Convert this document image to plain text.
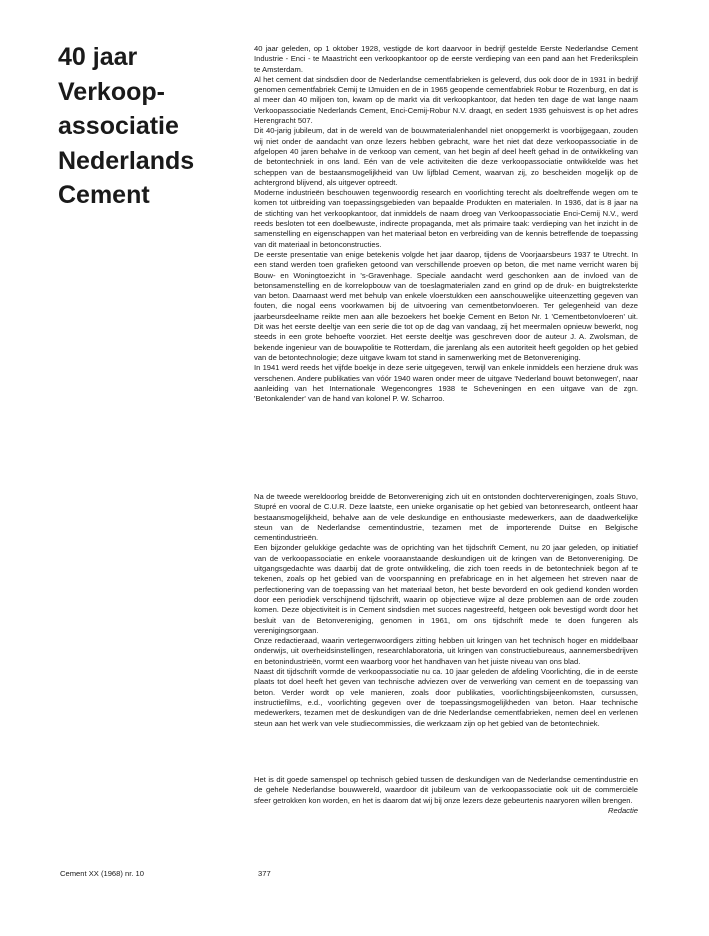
40 jaar
Verkoop-
associatie
Nederlands
Cement

40 jaar geleden, op 1 oktober 1928, vestigde de kort daarvoor in bedrijf gestelde Eerste Nederlandse Cement Industrie - Enci - te Maastricht een verkoopkantoor op de eerste verdieping van een pand aan het Frederiksplein te Amsterdam.

Al het cement dat sindsdien door de Nederlandse cementfabrieken is geleverd, dus ook door de in 1931 in bedrijf genomen cementfabriek Cemij te IJmuiden en de in 1965 geopende cementfabriek Robur te Rozenburg, en dat is al meer dan 40 miljoen ton, kwam op de markt via dit verkoopkantoor, dat heden ten dage de wat lange naam Verkoopassociatie Nederlands Cement, Enci-Cemij-Robur N.V. draagt, en sedert 1935 gehuisvest is op het adres Herengracht 507.

Dit 40-jarig jubileum, dat in de wereld van de bouwmaterialenhandel niet onopgemerkt is voorbijgegaan, zouden wij niet onder de aandacht van onze lezers hebben gebracht, ware het niet dat deze verkoopassociatie in de afgelopen 40 jaren behalve in de verkoop van cement, van het begin af deel heeft gehad in de ontwikkeling van de betontechniek in ons land. Eén van de vele activiteiten die deze verkoopassociatie ontwikkelde was het scheppen van de bestaansmogelijkheid van Uw lijfblad Cement, waarvan zij, zo bescheiden mogelijk op de achtergrond blijvend, als uitgever optreedt.

Moderne industrieën beschouwen tegenwoordig research en voorlichting terecht als doeltreffende wegen om te komen tot uitbreiding van toepassingsgebieden van bepaalde Produkten en materialen. In 1936, dat is 8 jaar na de stichting van het verkoopkantoor, dat inmiddels de naam droeg van Verkoopassociatie Enci-Cemij N.V., werd reeds besloten tot een doelbewuste, indirecte propaganda, met als primaire taak: verdieping van het inzicht in de samenstelling en eigenschappen van het materiaal beton en verbreiding van de kennis betreffende de toepassing van dit materiaal in betonconstructies.

De eerste presentatie van enige betekenis volgde het jaar daarop, tijdens de Voorjaarsbeurs 1937 te Utrecht. In een stand werden toen grafieken getoond van verschillende proeven op beton, die met name verricht waren bij Bouw- en Woningtoezicht in 's-Gravenhage. Speciale aandacht werd geschonken aan de invloed van de betonsamenstelling en de korrelopbouw van de toeslagmaterialen zand en grind op de druk- en buigtreksterkte van beton. Daarnaast werd met behulp van enkele vloerstukken een aanschouwelijke uiteenzetting gegeven van fouten, die nogal eens voorkwamen bij de uitvoering van cementbetonvloeren. Ter gelegenheid van deze jaarbeursdeelname reikte men aan alle bezoekers het boekje Cement en Beton Nr. 1 'Cementbetonvloeren' uit. Dit was het eerste deeltje van een serie die tot op de dag van vandaag, zij het meermalen opnieuw bewerkt, nog steeds in een grote behoefte voorziet. Het eerste deeltje was geschreven door de auteur J. A. Zwolsman, de bekende ingenieur van de bouwpolitie te Rotterdam, die jarenlang als een autoriteit heeft gegolden op het gebied van de betontechnologie; deze uitgave kwam tot stand in samenwerking met de Betonvereniging.

In 1941 werd reeds het vijfde boekje in deze serie uitgegeven, terwijl van enkele inmiddels een herziene druk was verschenen. Andere publikaties van vóór 1940 waren onder meer de uitgave 'Nederland bouwt betonwegen', naar aanleiding van het Internationale Wegencongres 1938 te Scheveningen en een uitgave van de zgn. 'Betonkalender' van de hand van kolonel P. W. Scharroo.

Na de tweede wereldoorlog breidde de Betonvereniging zich uit en ontstonden dochterverenigingen, zoals Stuvo, Stupré en vooral de C.U.R. Deze laatste, een unieke organisatie op het gebied van betonresearch, ontleent haar bestaansmogelijkheid, behalve aan de vele deskundige en enthousiaste medewerkers, aan de daadwerkelijke steun van de Nederlandse cementindustrie, tezamen met de importerende Duitse en Belgische cementindustrieën.

Een bijzonder gelukkige gedachte was de oprichting van het tijdschrift Cement, nu 20 jaar geleden, op initiatief van de verkoopassociatie en enkele vooraanstaande deskundigen uit de kringen van de Betonvereniging. De uitgangsgedachte was daarbij dat de grote ontwikkeling, die zich toen reeds in de betontechniek begon af te tekenen, zoals op het gebied van de voorspanning en prefabricage en in het algemeen het streven naar de perfectionering van de toepassing van het materiaal beton, het beste bevorderd en ook gediend konden worden door een periodiek verschijnend tijdschrift, waarin op objectieve wijze al deze problemen aan de orde zouden komen. Deze objectiviteit is in Cement sindsdien met succes nagestreefd, hetgeen ook bevestigd wordt door het besluit van de Betonvereniging, genomen in 1961, om ons tijdschrift mede te doen fungeren als verenigingsorgaan.

Onze redactieraad, waarin vertegenwoordigers zitting hebben uit kringen van het technisch hoger en middelbaar onderwijs, uit overheidsinstellingen, researchlaboratoria, uit kringen van constructiebureaus, aannemersbedrijven en betonindustrieën, vormt een waarborg voor het handhaven van het juiste niveau van ons blad.

Naast dit tijdschrift vormde de verkoopassociatie nu ca. 10 jaar geleden de afdeling Voorlichting, die in de eerste plaats tot doel heeft het geven van technische adviezen over de verwerking van cement en de toepassing van beton. Verder wordt op vele manieren, zoals door publikaties, voorlichtingsbijeenkomsten, cursussen, instructiefilms, e.d., voorlichting gegeven over de toepassingsmogelijkheden van beton. Haar technische medewerkers, tezamen met de deskundigen van de drie Nederlandse cementfabrieken, nemen deel en verlenen steun aan het werk van vele studiecommissies, die werkzaam zijn op het gebied van de betontechniek.

Het is dit goede samenspel op technisch gebied tussen de deskundigen van de Nederlandse cementindustrie en de gehele Nederlandse bouwwereld, waardoor dit jubileum van de verkoopassociatie ook uit de commerciële sfeer getrokken kon worden, en het is daarom dat wij bij onze lezers deze gebeurtenis naaryoren willen brengen.
Redactie

Cement XX (1968) nr. 10	377
